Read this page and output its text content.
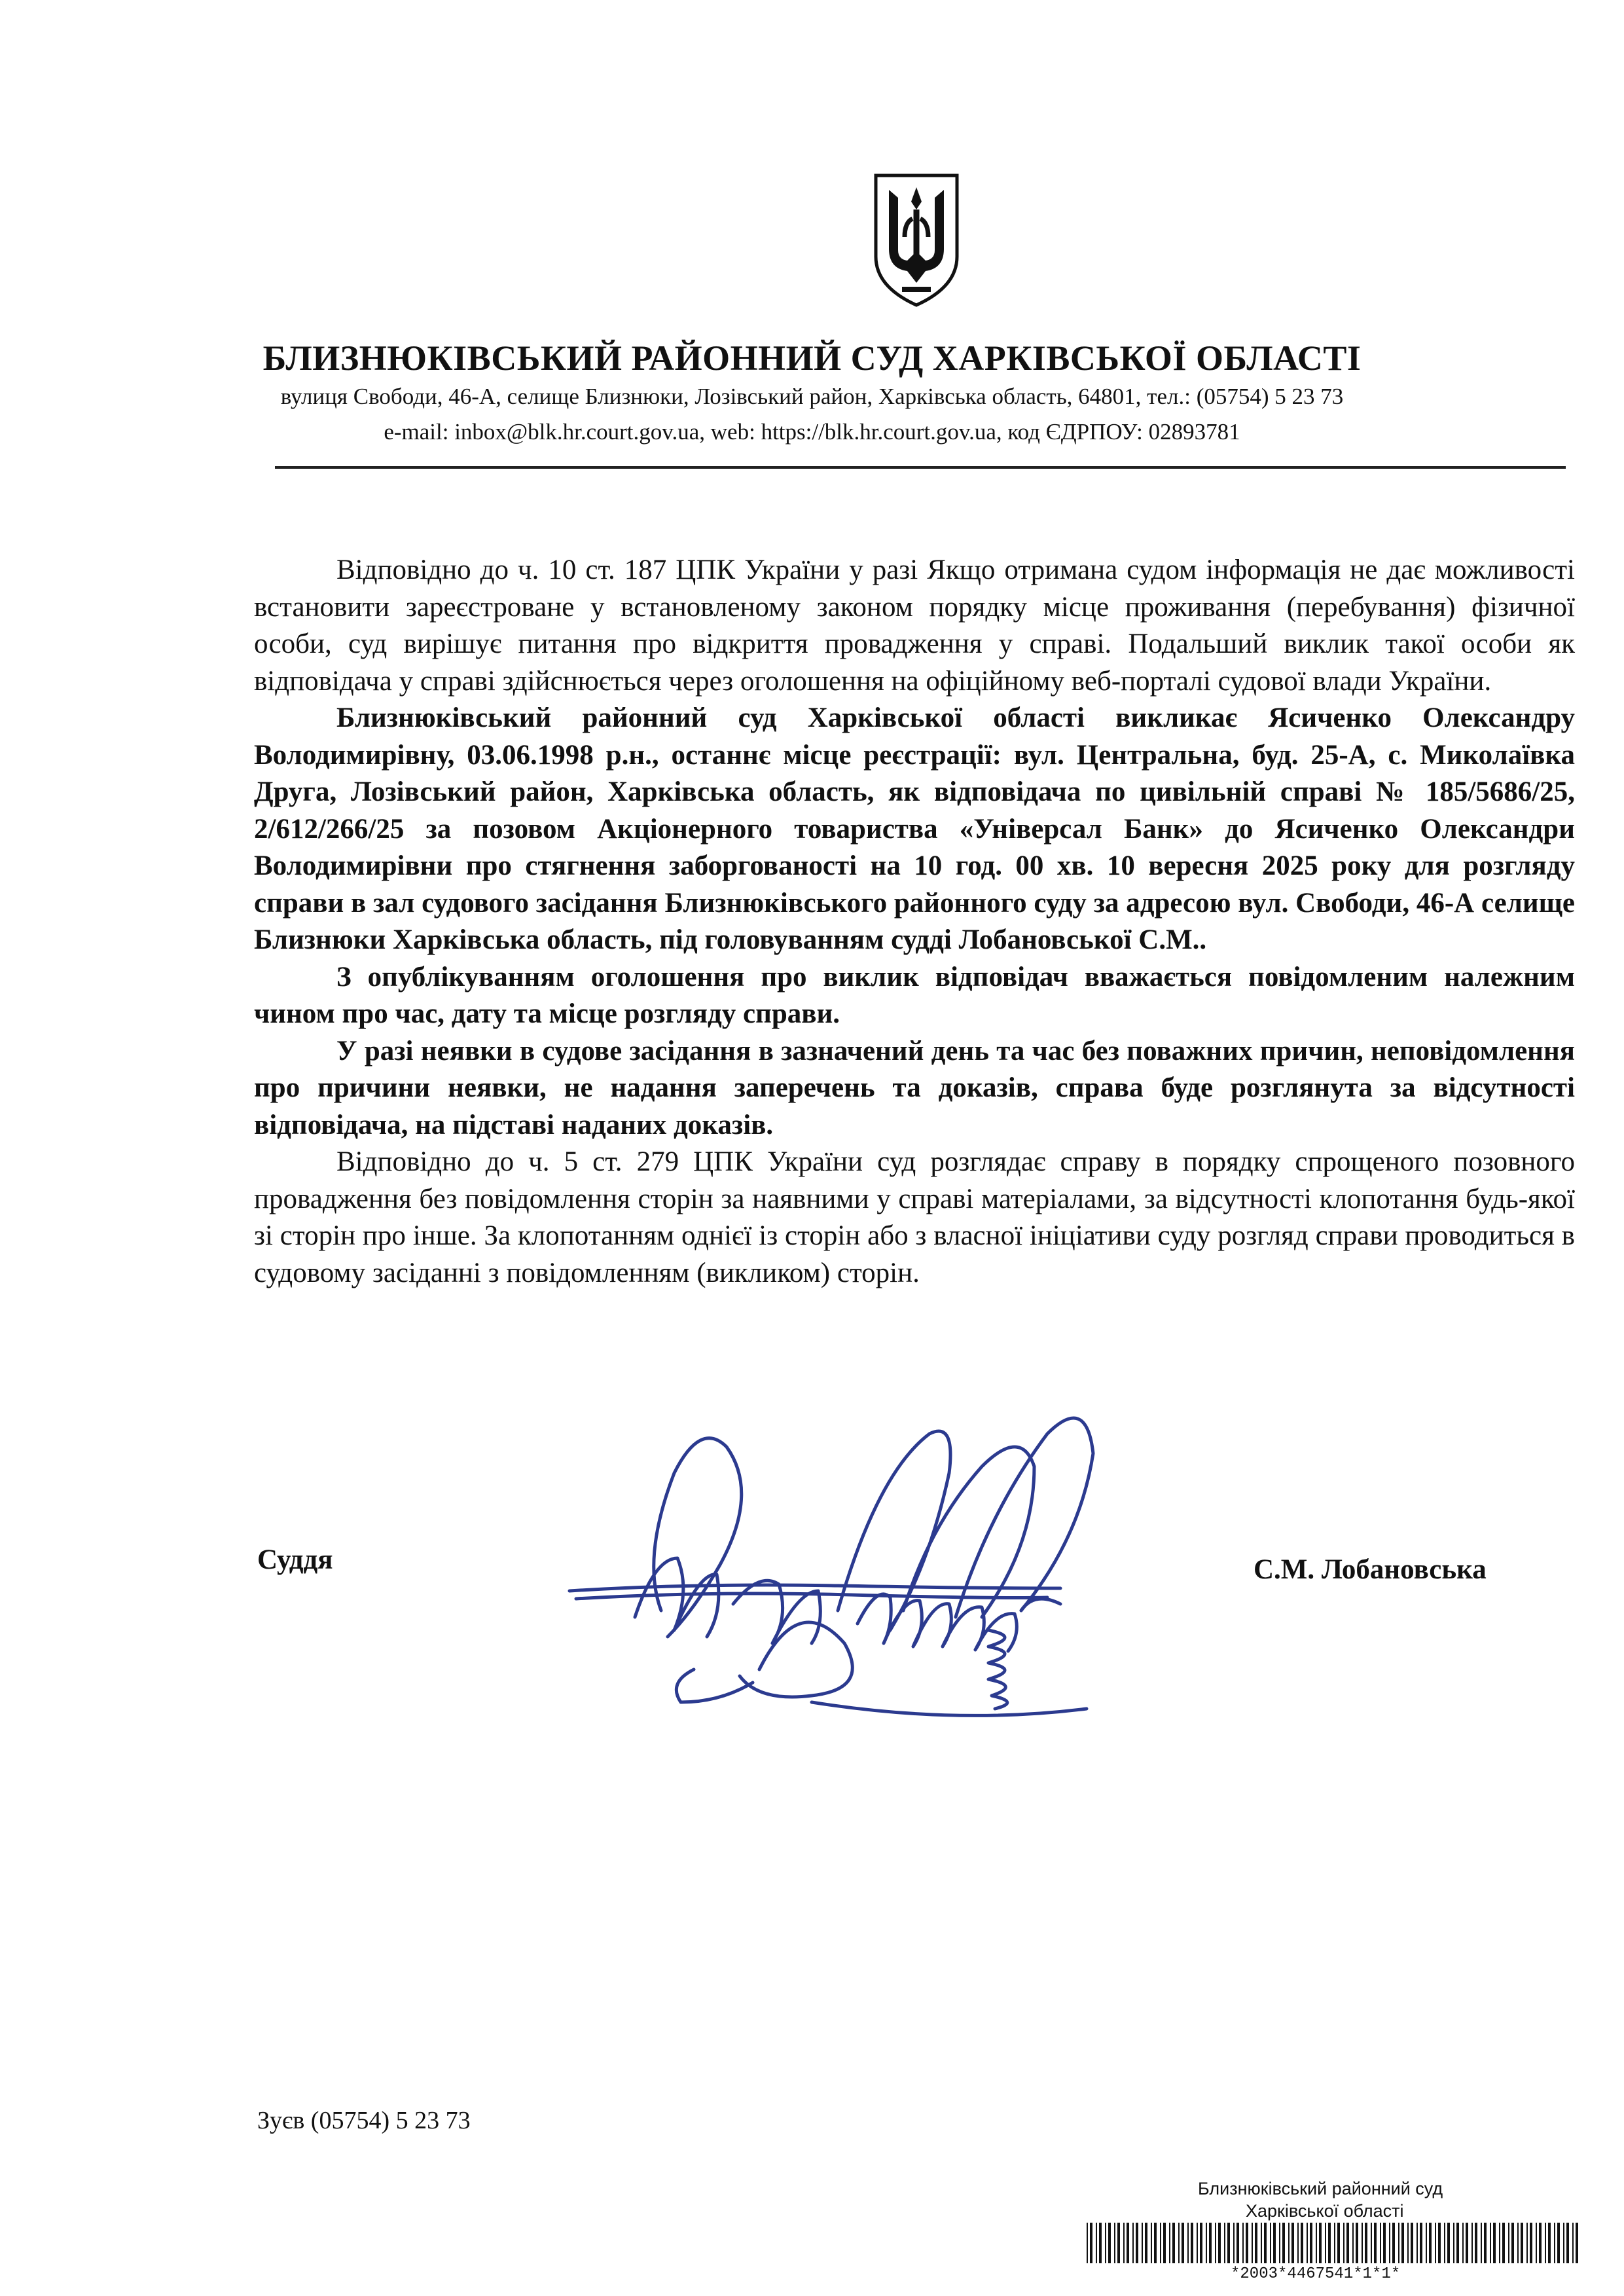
БЛИЗНЮКІВСЬКИЙ РАЙОННИЙ СУД ХАРКІВСЬКОЇ ОБЛАСТІ
вулиця Свободи, 46-А, селище Близнюки, Лозівський район, Харківська область, 64801, тел.: (05754) 5 23 73
e-mail: inbox@blk.hr.court.gov.ua, web: https://blk.hr.court.gov.ua, код ЄДРПОУ: 02893781

Відповідно до ч. 10 ст. 187 ЦПК України у разі Якщо отримана судом інформація не дає можливості встановити зареєстроване у встановленому законом порядку місце проживання (перебування) фізичної особи, суд вирішує питання про відкриття провадження у справі. Подальший виклик такої особи як відповідача у справі здійснюється через оголошення на офіційному веб-порталі судової влади України.

Близнюківський районний суд Харківської області викликає Ясиченко Олександру Володимирівну, 03.06.1998 р.н., останнє місце реєстрації: вул. Центральна, буд. 25-А, с. Миколаївка Друга, Лозівський район, Харківська область, як відповідача по цивільній справі № 185/5686/25, 2/612/266/25 за позовом Акціонерного товариства «Універсал Банк» до Ясиченко Олександри Володимирівни про стягнення заборгованості на 10 год. 00 хв. 10 вересня 2025 року для розгляду справи в зал судового засідання Близнюківського районного суду за адресою вул. Свободи, 46-А селище Близнюки Харківська область, під головуванням судді Лобановської С.М..

З опублікуванням оголошення про виклик відповідач вважається повідомленим належним чином про час, дату та місце розгляду справи.

У разі неявки в судове засідання в зазначений день та час без поважних причин, неповідомлення про причини неявки, не надання заперечень та доказів, справа буде розглянута за відсутності відповідача, на підставі наданих доказів.

Відповідно до ч. 5 ст. 279 ЦПК України суд розглядає справу в порядку спрощеного позовного провадження без повідомлення сторін за наявними у справі матеріалами, за відсутності клопотання будь-якої зі сторін про інше. За клопотанням однієї із сторін або з власної ініціативи суду розгляд справи проводиться в судовому засіданні з повідомленням (викликом) сторін.

Суддя	С.М. Лобановська
Зуєв (05754) 5 23 73
Близнюківський районний суд
Харківської області
*2003*4467541*1*1*
